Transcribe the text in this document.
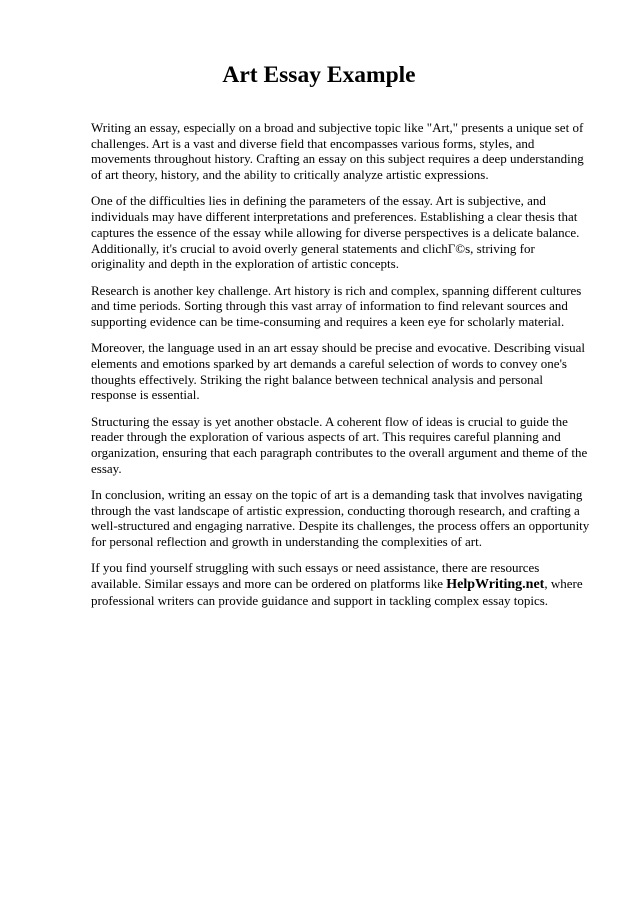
Art Essay Example

Writing an essay, especially on a broad and subjective topic like "Art," presents a unique set of challenges. Art is a vast and diverse field that encompasses various forms, styles, and movements throughout history. Crafting an essay on this subject requires a deep understanding of art theory, history, and the ability to critically analyze artistic expressions.

One of the difficulties lies in defining the parameters of the essay. Art is subjective, and individuals may have different interpretations and preferences. Establishing a clear thesis that captures the essence of the essay while allowing for diverse perspectives is a delicate balance. Additionally, it's crucial to avoid overly general statements and clichΓ©s, striving for originality and depth in the exploration of artistic concepts.

Research is another key challenge. Art history is rich and complex, spanning different cultures and time periods. Sorting through this vast array of information to find relevant sources and supporting evidence can be time-consuming and requires a keen eye for scholarly material.

Moreover, the language used in an art essay should be precise and evocative. Describing visual elements and emotions sparked by art demands a careful selection of words to convey one's thoughts effectively. Striking the right balance between technical analysis and personal response is essential.

Structuring the essay is yet another obstacle. A coherent flow of ideas is crucial to guide the reader through the exploration of various aspects of art. This requires careful planning and organization, ensuring that each paragraph contributes to the overall argument and theme of the essay.

In conclusion, writing an essay on the topic of art is a demanding task that involves navigating through the vast landscape of artistic expression, conducting thorough research, and crafting a well-structured and engaging narrative. Despite its challenges, the process offers an opportunity for personal reflection and growth in understanding the complexities of art.

If you find yourself struggling with such essays or need assistance, there are resources available. Similar essays and more can be ordered on platforms like HelpWriting.net, where professional writers can provide guidance and support in tackling complex essay topics.
